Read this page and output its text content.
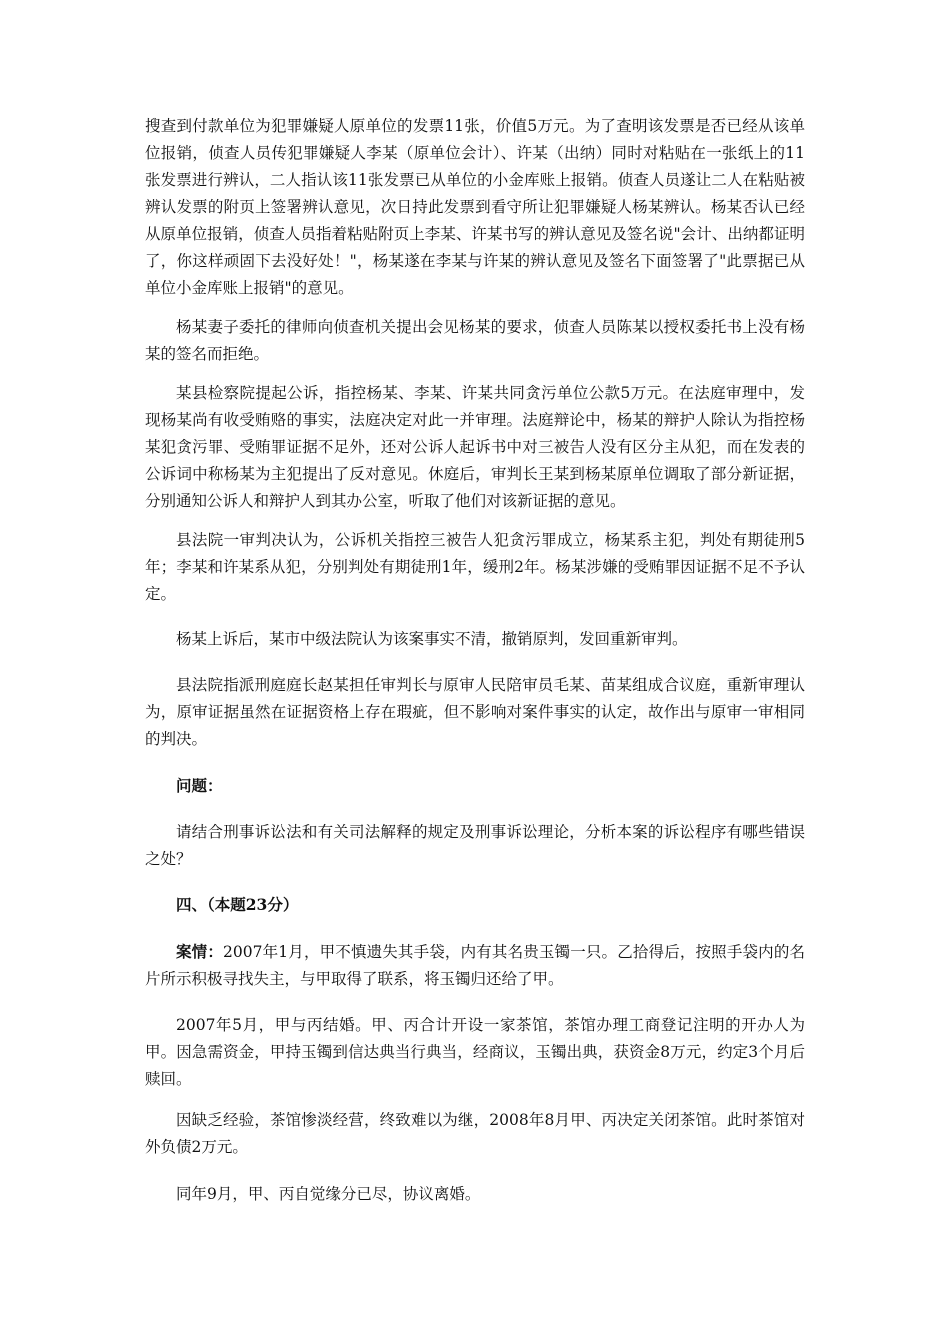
搜查到付款单位为犯罪嫌疑人原单位的发票11张，价值5万元。为了查明该发票是否已经从该单位报销，侦查人员传犯罪嫌疑人李某（原单位会计）、许某（出纳）同时对粘贴在一张纸上的11张发票进行辨认，二人指认该11张发票已从单位的小金库账上报销。侦查人员遂让二人在粘贴被辨认发票的附页上签署辨认意见，次日持此发票到看守所让犯罪嫌疑人杨某辨认。杨某否认已经从原单位报销，侦查人员指着粘贴附页上李某、许某书写的辨认意见及签名说"会计、出纳都证明了，你这样顽固下去没好处！"，杨某遂在李某与许某的辨认意见及签名下面签署了"此票据已从单位小金库账上报销"的意见。

杨某妻子委托的律师向侦查机关提出会见杨某的要求，侦查人员陈某以授权委托书上没有杨某的签名而拒绝。

某县检察院提起公诉，指控杨某、李某、许某共同贪污单位公款5万元。在法庭审理中，发现杨某尚有收受贿赂的事实，法庭决定对此一并审理。法庭辩论中，杨某的辩护人除认为指控杨某犯贪污罪、受贿罪证据不足外，还对公诉人起诉书中对三被告人没有区分主从犯，而在发表的公诉词中称杨某为主犯提出了反对意见。休庭后，审判长王某到杨某原单位调取了部分新证据，分别通知公诉人和辩护人到其办公室，听取了他们对该新证据的意见。

县法院一审判决认为，公诉机关指控三被告人犯贪污罪成立，杨某系主犯，判处有期徒刑5年；李某和许某系从犯，分别判处有期徒刑1年，缓刑2年。杨某涉嫌的受贿罪因证据不足不予认定。

杨某上诉后，某市中级法院认为该案事实不清，撤销原判，发回重新审判。

县法院指派刑庭庭长赵某担任审判长与原审人民陪审员毛某、苗某组成合议庭，重新审理认为，原审证据虽然在证据资格上存在瑕疵，但不影响对案件事实的认定，故作出与原审一审相同的判决。

问题：

请结合刑事诉讼法和有关司法解释的规定及刑事诉讼理论，分析本案的诉讼程序有哪些错误之处？

四、（本题23分）

案情：2007年1月，甲不慎遗失其手袋，内有其名贵玉镯一只。乙拾得后，按照手袋内的名片所示积极寻找失主，与甲取得了联系，将玉镯归还给了甲。

2007年5月，甲与丙结婚。甲、丙合计开设一家茶馆，茶馆办理工商登记注明的开办人为甲。因急需资金，甲持玉镯到信达典当行典当，经商议，玉镯出典，获资金8万元，约定3个月后赎回。

因缺乏经验，茶馆惨淡经营，终致难以为继，2008年8月甲、丙决定关闭茶馆。此时茶馆对外负债2万元。

同年9月，甲、丙自觉缘分已尽，协议离婚。
